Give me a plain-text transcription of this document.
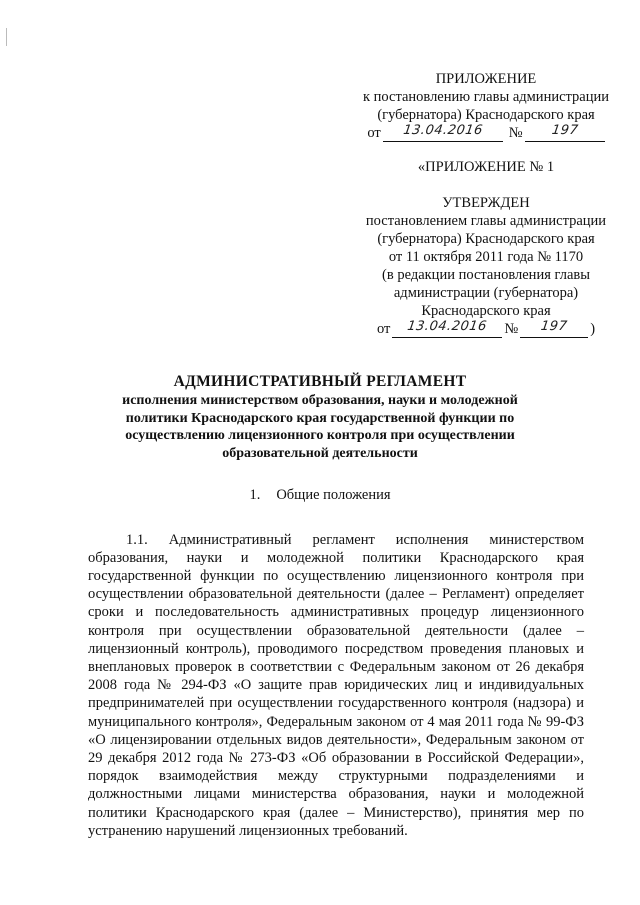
ПРИЛОЖЕНИЕ
к постановлению главы администрации
(губернатора) Краснодарского края
от	13.04.2016	№	197
«ПРИЛОЖЕНИЕ № 1
УТВЕРЖДЕН
постановлением главы администрации
(губернатора) Краснодарского края
от 11 октября 2011 года № 1170
(в редакции постановления главы
администрации (губернатора)
Краснодарского края
от	13.04.2016	№	197	)
АДМИНИСТРАТИВНЫЙ РЕГЛАМЕНТ
исполнения министерством образования, науки и молодежной
политики Краснодарского края государственной функции по
осуществлению лицензионного контроля при осуществлении
образовательной деятельности
1. Общие положения

1.1. Административный регламент исполнения министерством образования, науки и молодежной политики Краснодарского края государственной функции по осуществлению лицензионного контроля при осуществлении образовательной деятельности (далее – Регламент) определяет сроки и последовательность административных процедур лицензионного контроля при осуществлении образовательной деятельности (далее – лицензионный контроль), проводимого посредством проведения плановых и внеплановых проверок в соответствии с Федеральным законом от 26 декабря 2008 года № 294-ФЗ «О защите прав юридических лиц и индивидуальных предпринимателей при осуществлении государственного контроля (надзора) и муниципального контроля», Федеральным законом от 4 мая 2011 года № 99-ФЗ «О лицензировании отдельных видов деятельности», Федеральным законом от 29 декабря 2012 года № 273-ФЗ «Об образовании в Российской Федерации», порядок взаимодействия между структурными подразделениями и должностными лицами министерства образования, науки и молодежной политики Краснодарского края (далее – Министерство), принятия мер по устранению нарушений лицензионных требований.
